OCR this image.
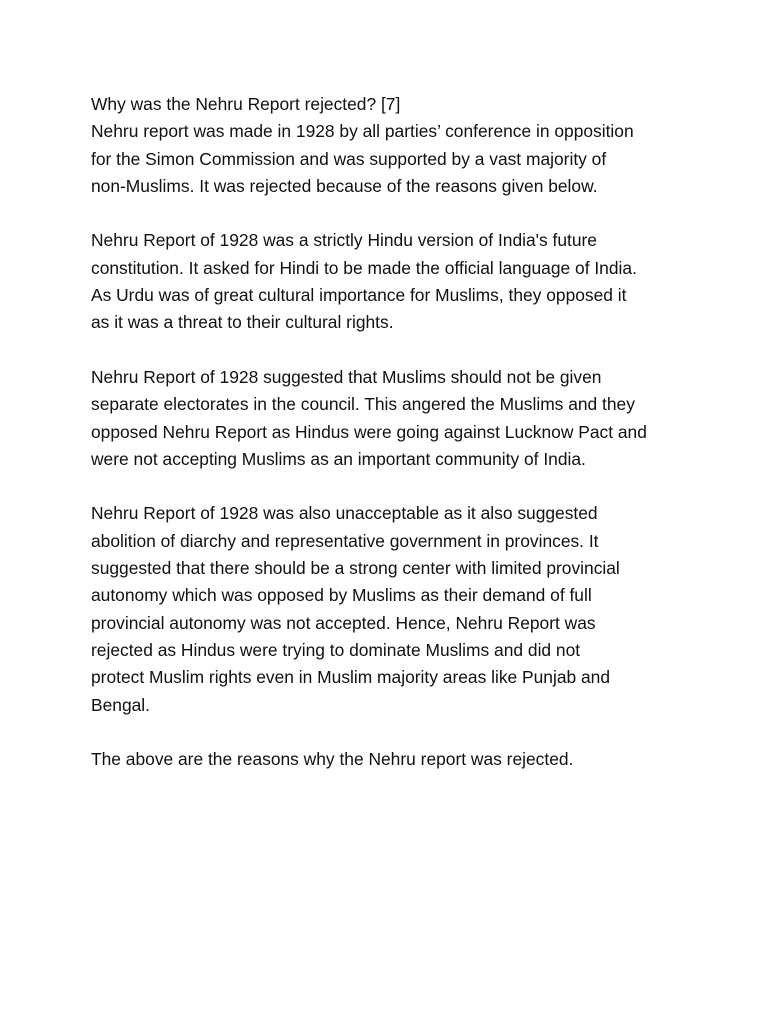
Why was the Nehru Report rejected? [7]
Nehru report was made in 1928 by all parties’ conference in opposition
for the Simon Commission and was supported by a vast majority of
non-Muslims. It was rejected because of the reasons given below.

Nehru Report of 1928 was a strictly Hindu version of India's future
constitution. It asked for Hindi to be made the official language of India.
As Urdu was of great cultural importance for Muslims, they opposed it
as it was a threat to their cultural rights.

Nehru Report of 1928 suggested that Muslims should not be given
separate electorates in the council. This angered the Muslims and they
opposed Nehru Report as Hindus were going against Lucknow Pact and
were not accepting Muslims as an important community of India.

Nehru Report of 1928 was also unacceptable as it also suggested
abolition of diarchy and representative government in provinces. It
suggested that there should be a strong center with limited provincial
autonomy which was opposed by Muslims as their demand of full
provincial autonomy was not accepted. Hence, Nehru Report was
rejected as Hindus were trying to dominate Muslims and did not
protect Muslim rights even in Muslim majority areas like Punjab and
Bengal.

The above are the reasons why the Nehru report was rejected.
